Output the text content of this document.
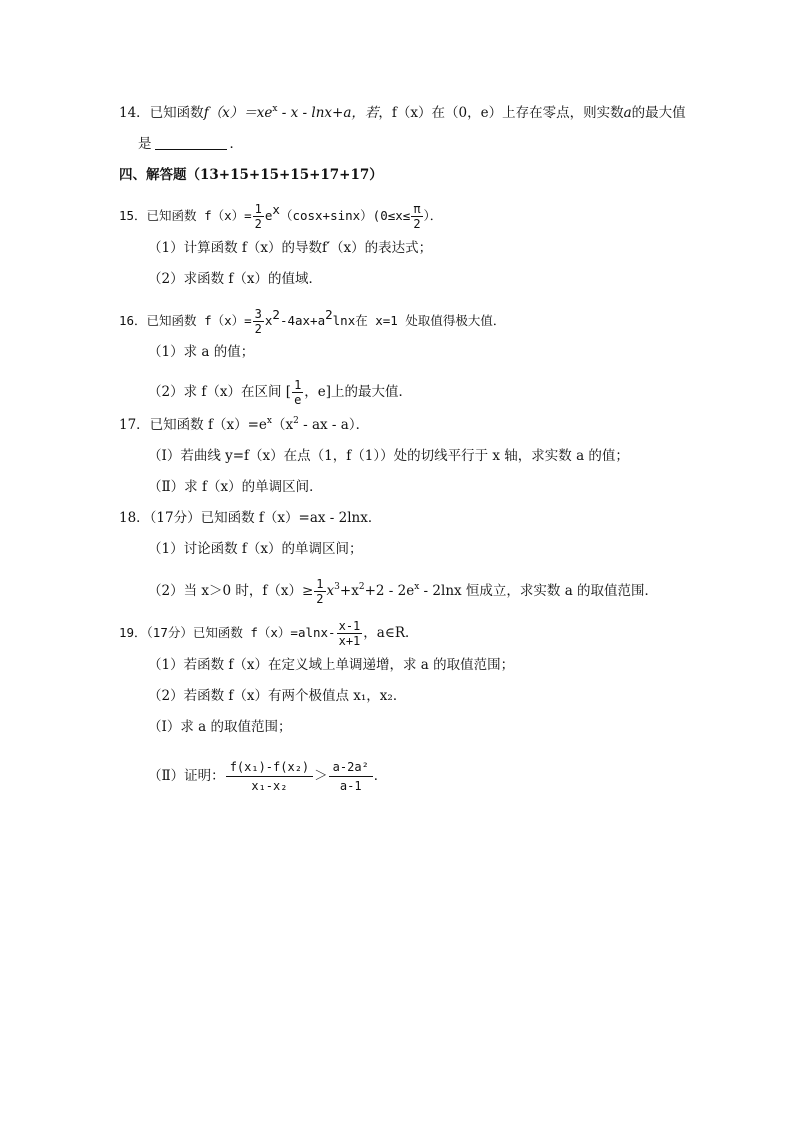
14．已知函数$f(x)=xe^x - x - \ln x+a$，若，f（x）在（0，e）上存在零点，则实数a的最大值
是	．
四、解答题（13+15+15+15+17+17）
15．已知函数 $f(x)= \frac{1}{2} e^x(\cos x+\sin x)(0\le x\le \frac{\pi}{2}$ ）．
（1）计算函数 f（x）的导数f′（x）的表达式；
（2）求函数 f（x）的值域．
16．已知函数 $f(x)= \frac{3}{2} x^2-4ax+a^2\ln x$在 x=1 处取值得极大值．
（1）求 a 的值；
（2）求 f（x）在区间 [ $\frac{1}{e}$ ，e]上的最大值．
17．已知函数 $f(x)=e^x(x^2$ - ax - a）．
（Ⅰ）若曲线 y=f（x）在点（1，f（1））处的切线平行于 x 轴，求实数 a 的值；
（Ⅱ）求 f（x）的单调区间．
18．（17分）已知函数 f（x）=ax - 2lnx．
（1）讨论函数 f（x）的单调区间；
（2）当 x＞0 时，$f(x)\ge \frac{1}{2} x^3+x^2+2 - 2e^x - 2\ln x$ 恒成立，求实数 a 的取值范围．
19．（17分）已知函数 $f(x)=alnx- \frac{x-1}{x+1}$ ，a∈R．
（1）若函数 f（x）在定义域上单调递增，求 a 的取值范围；
（2）若函数 f（x）有两个极值点 x₁，x₂．
（Ⅰ）求 a 的取值范围；
（Ⅱ）证明： $\frac{\text{f(x₁)-f(x₂)}}{\text{x₁-x₂}} > \frac{\text{a-2a²}}{a-1}$ ．
